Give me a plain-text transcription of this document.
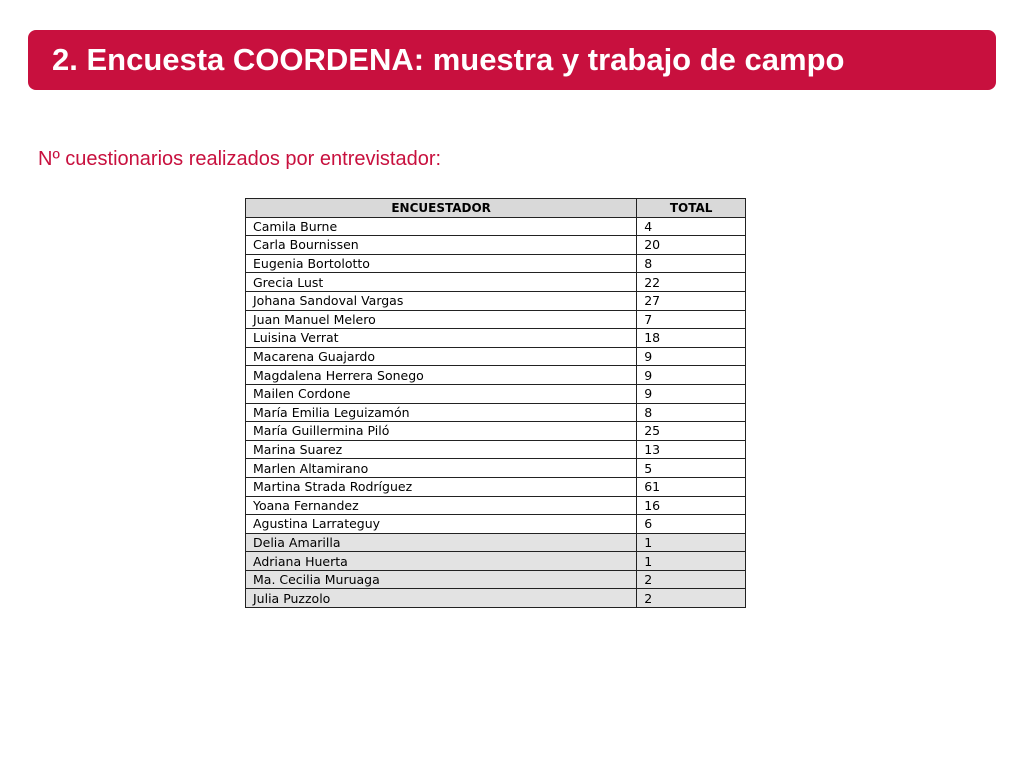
2. Encuesta COORDENA: muestra y trabajo de campo
Nº cuestionarios realizados por entrevistador:
ENCUESTADOR	TOTAL
Camila Burne	4
Carla Bournissen	20
Eugenia Bortolotto	8
Grecia Lust	22
Johana Sandoval Vargas	27
Juan Manuel Melero	7
Luisina Verrat	18
Macarena Guajardo	9
Magdalena Herrera Sonego	9
Mailen Cordone	9
María Emilia Leguizamón	8
María Guillermina Piló	25
Marina Suarez	13
Marlen Altamirano	5
Martina Strada Rodríguez	61
Yoana Fernandez	16
Agustina Larrateguy	6
Delia Amarilla	1
Adriana Huerta	1
Ma. Cecilia Muruaga	2
Julia Puzzolo	2
